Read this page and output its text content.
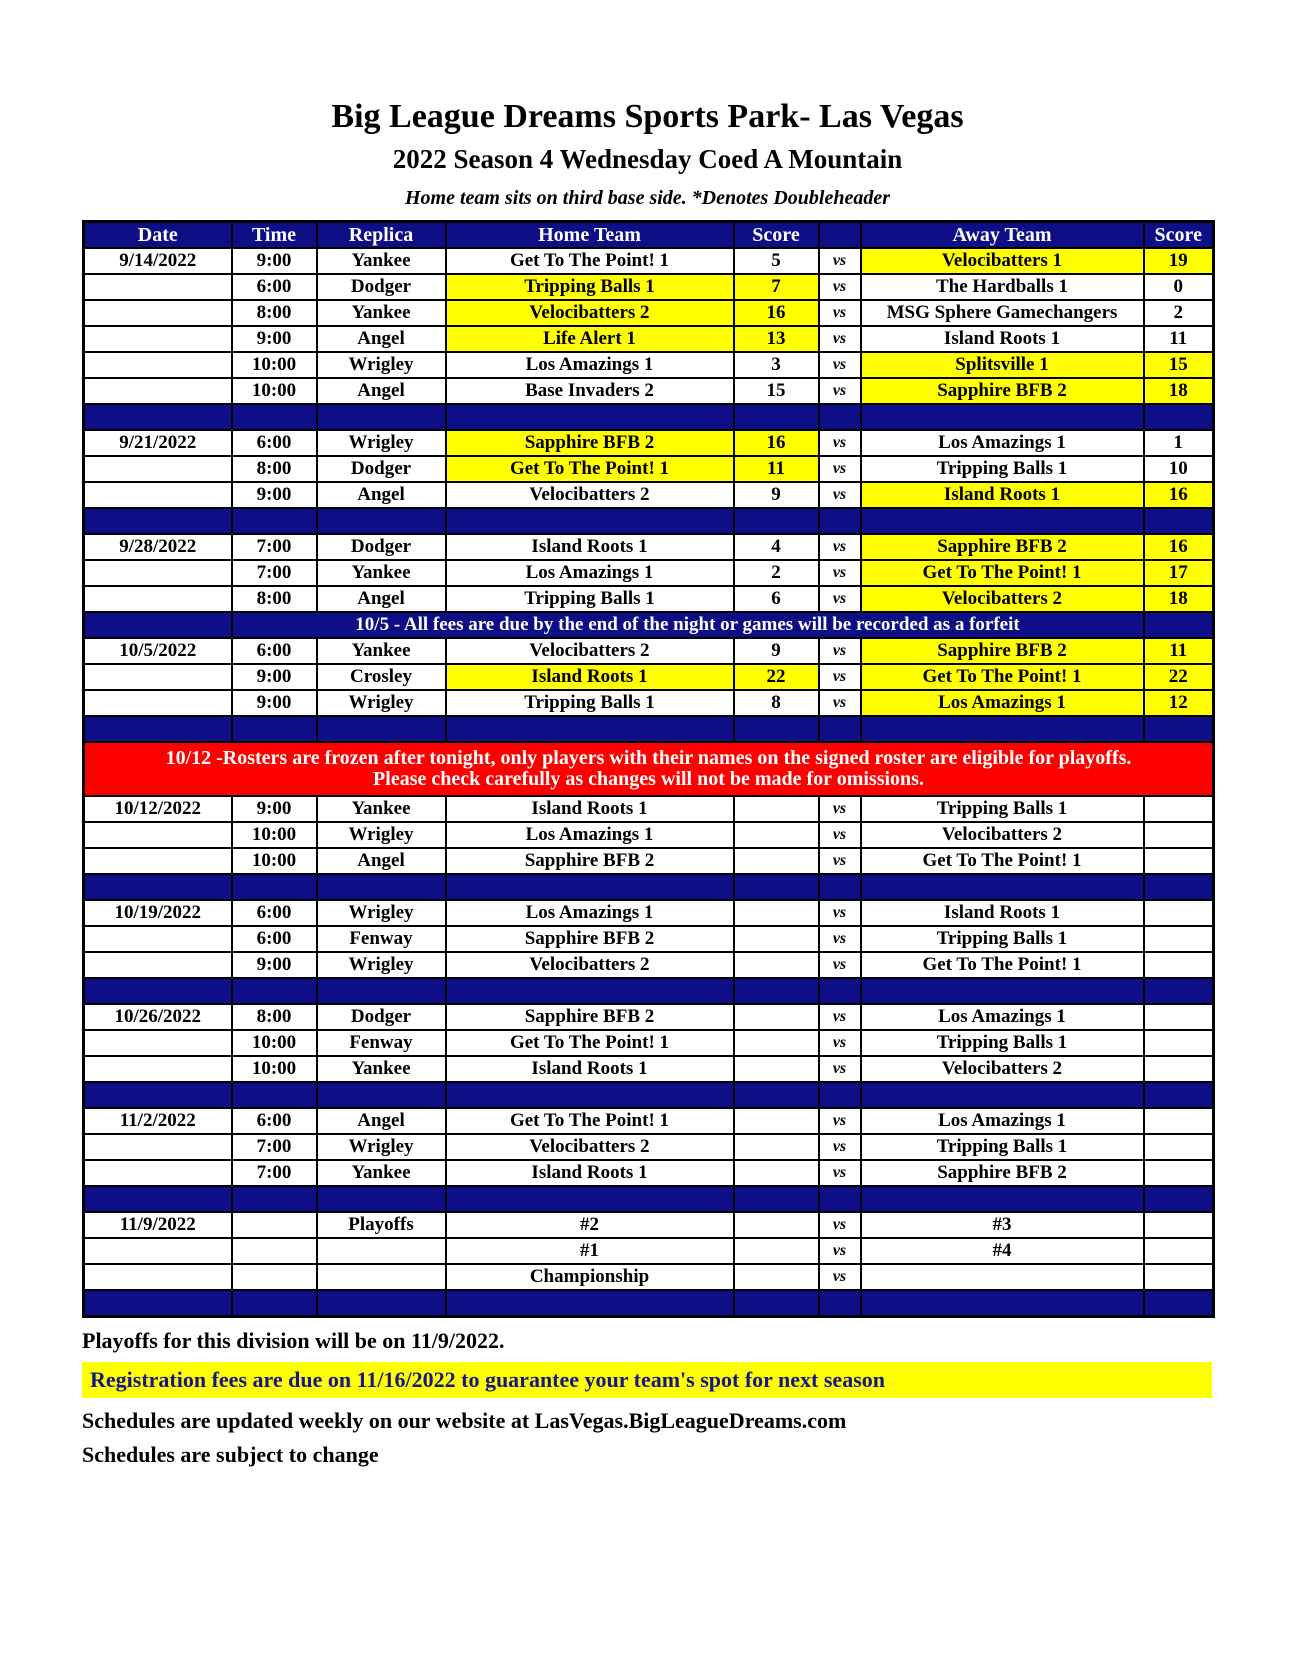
Big League Dreams Sports Park- Las Vegas
2022 Season 4 Wednesday Coed A Mountain
Home team sits on third base side. *Denotes Doubleheader
Date	Time	Replica	Home Team	Score		Away Team	Score
9/14/2022	9:00	Yankee	Get To The Point! 1	5	vs	Velocibatters 1	19
	6:00	Dodger	Tripping Balls 1	7	vs	The Hardballs 1	0
	8:00	Yankee	Velocibatters 2	16	vs	MSG Sphere Gamechangers	2
	9:00	Angel	Life Alert 1	13	vs	Island Roots 1	11
	10:00	Wrigley	Los Amazings 1	3	vs	Splitsville 1	15
	10:00	Angel	Base Invaders 2	15	vs	Sapphire BFB 2	18

9/21/2022	6:00	Wrigley	Sapphire BFB 2	16	vs	Los Amazings 1	1
	8:00	Dodger	Get To The Point! 1	11	vs	Tripping Balls 1	10
	9:00	Angel	Velocibatters 2	9	vs	Island Roots 1	16

9/28/2022	7:00	Dodger	Island Roots 1	4	vs	Sapphire BFB 2	16
	7:00	Yankee	Los Amazings 1	2	vs	Get To The Point! 1	17
	8:00	Angel	Tripping Balls 1	6	vs	Velocibatters 2	18
	10/5 - All fees are due by the end of the night or games will be recorded as a forfeit						
10/5/2022	6:00	Yankee	Velocibatters 2	9	vs	Sapphire BFB 2	11
	9:00	Crosley	Island Roots 1	22	vs	Get To The Point! 1	22
	9:00	Wrigley	Tripping Balls 1	8	vs	Los Amazings 1	12

10/12 -Rosters are frozen after tonight, only players with their names on the signed roster are eligible for playoffs.
Please check carefully as changes will not be made for omissions.							

10/12/2022	9:00	Yankee	Island Roots 1		vs	Tripping Balls 1	
	10:00	Wrigley	Los Amazings 1		vs	Velocibatters 2	
	10:00	Angel	Sapphire BFB 2		vs	Get To The Point! 1	

10/19/2022	6:00	Wrigley	Los Amazings 1		vs	Island Roots 1	
	6:00	Fenway	Sapphire BFB 2		vs	Tripping Balls 1	
	9:00	Wrigley	Velocibatters 2		vs	Get To The Point! 1	

10/26/2022	8:00	Dodger	Sapphire BFB 2		vs	Los Amazings 1	
	10:00	Fenway	Get To The Point! 1		vs	Tripping Balls 1	
	10:00	Yankee	Island Roots 1		vs	Velocibatters 2	

11/2/2022	6:00	Angel	Get To The Point! 1		vs	Los Amazings 1	
	7:00	Wrigley	Velocibatters 2		vs	Tripping Balls 1	
	7:00	Yankee	Island Roots 1		vs	Sapphire BFB 2	

11/9/2022		Playoffs	#2		vs	#3	
			#1		vs	#4	
			Championship		vs		

Playoffs for this division will be on 11/9/2022.
Registration fees are due on 11/16/2022 to guarantee your team's spot for next season
Schedules are updated weekly on our website at LasVegas.BigLeagueDreams.com
Schedules are subject to change
